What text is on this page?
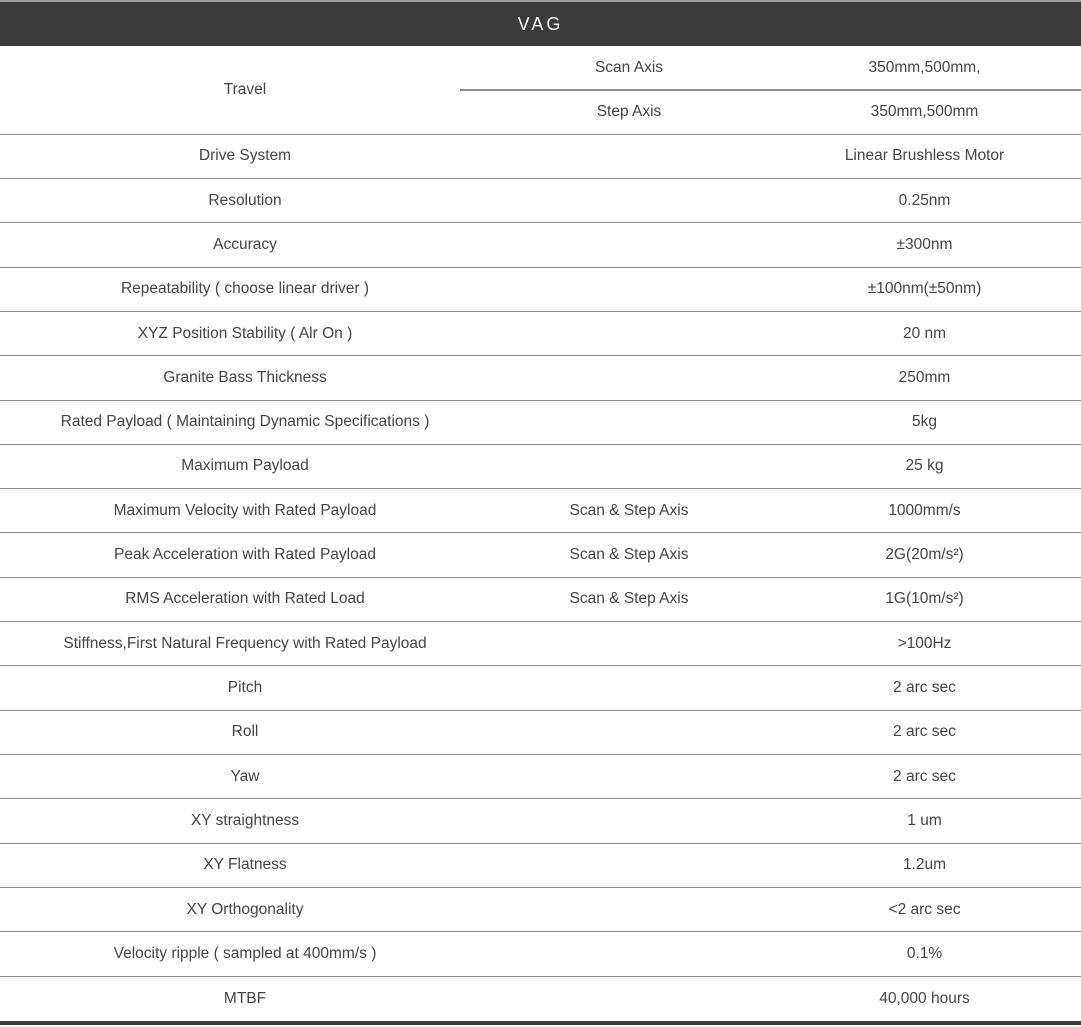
VAG
Travel
Scan Axis	350mm,500mm,
Step Axis	350mm,500mm
Drive System	Linear Brushless Motor
Resolution	0.25nm
Accuracy	±300nm
Repeatability ( choose linear driver )	±100nm(±50nm)
XYZ Position Stability ( Alr On )	20 nm
Granite Bass Thickness	250mm
Rated Payload ( Maintaining Dynamic Specifications )	5kg
Maximum Payload	25 kg
Maximum Velocity with Rated Payload	Scan & Step Axis	1000mm/s
Peak Acceleration with Rated Payload	Scan & Step Axis	2G(20m/s²)
RMS Acceleration with Rated Load	Scan & Step Axis	1G(10m/s²)
Stiffness,First Natural Frequency with Rated Payload	>100Hz
Pitch	2 arc sec
Roll	2 arc sec
Yaw	2 arc sec
XY straightness	1 um
XY Flatness	1.2um
XY Orthogonality	<2 arc sec
Velocity ripple ( sampled at 400mm/s )	0.1%
MTBF	40,000 hours
